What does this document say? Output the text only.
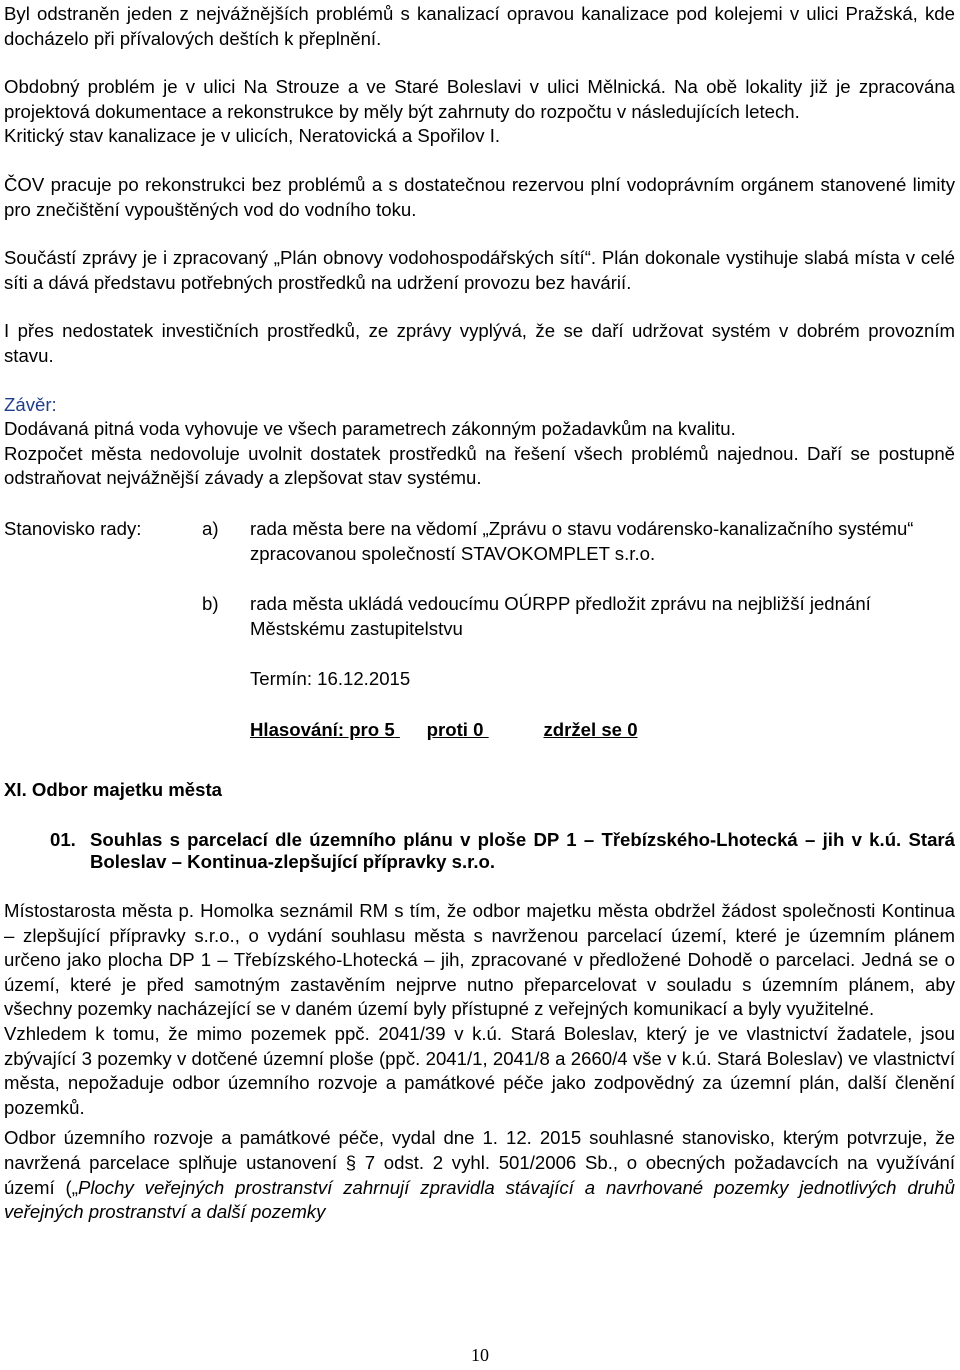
Byl odstraněn jeden z nejvážnějších problémů s kanalizací opravou kanalizace pod kolejemi v ulici Pražská, kde docházelo při přívalových deštích k přeplnění.

Obdobný problém je v ulici Na Strouze a ve Staré Boleslavi v ulici Mělnická. Na obě lokality již je zpracována projektová dokumentace a rekonstrukce by měly být zahrnuty do rozpočtu v následujících letech.

Kritický stav kanalizace je v ulicích, Neratovická a Spořilov I.

ČOV pracuje po rekonstrukci bez problémů a s dostatečnou rezervou plní vodoprávním orgánem stanovené limity pro znečištění vypouštěných vod do vodního toku.

Součástí zprávy je i zpracovaný „Plán obnovy vodohospodářských sítí“. Plán dokonale vystihuje slabá místa v celé síti a dává představu potřebných prostředků na udržení provozu bez havárií.

I přes nedostatek investičních prostředků, ze zprávy vyplývá, že se daří udržovat systém v dobrém provozním stavu.

Závěr:

Dodávaná pitná voda vyhovuje ve všech parametrech zákonným požadavkům na kvalitu.

Rozpočet města nedovoluje uvolnit dostatek prostředků na řešení všech problémů najednou. Daří se postupně odstraňovat nejvážnější závady a zlepšovat stav systému.

Stanovisko rady:	a)	rada města bere na vědomí „Zprávu o stavu vodárensko-kanalizačního systému“ zpracovanou společností STAVOKOMPLET s.r.o.
b)	rada města ukládá vedoucímu OÚRPP předložit zprávu na nejbližší jednání Městskému zastupitelstvu

Termín: 16.12.2015

Hlasování: pro 5 proti 0	zdržel se 0

XI. Odbor majetku města

01. Souhlas s parcelací dle územního plánu v ploše DP 1 – Třebízského-Lhotecká – jih v k.ú. Stará Boleslav – Kontinua-zlepšující přípravky s.r.o.

Místostarosta města p. Homolka seznámil RM s tím, že odbor majetku města obdržel žádost společnosti Kontinua – zlepšující přípravky s.r.o., o vydání souhlasu města s navrženou parcelací území, které je územním plánem určeno jako plocha DP 1 – Třebízského-Lhotecká – jih, zpracované v předložené Dohodě o parcelaci. Jedná se o území, které je před samotným zastavěním nejprve nutno přeparcelovat v souladu s územním plánem, aby všechny pozemky nacházející se v daném území byly přístupné z veřejných komunikací a byly využitelné.

Vzhledem k tomu, že mimo pozemek ppč. 2041/39 v k.ú. Stará Boleslav, který je ve vlastnictví žadatele, jsou zbývající 3 pozemky v dotčené územní ploše (ppč. 2041/1, 2041/8 a 2660/4 vše v k.ú. Stará Boleslav) ve vlastnictví města, nepožaduje odbor územního rozvoje a památkové péče jako zodpovědný za územní plán, další členění pozemků.

Odbor územního rozvoje a památkové péče, vydal dne 1. 12. 2015 souhlasné stanovisko, kterým potvrzuje, že navržená parcelace splňuje ustanovení § 7 odst. 2 vyhl. 501/2006 Sb., o obecných požadavcích na využívání území („Plochy veřejných prostranství zahrnují zpravidla stávající a navrhované pozemky jednotlivých druhů veřejných prostranství a další pozemky

10
